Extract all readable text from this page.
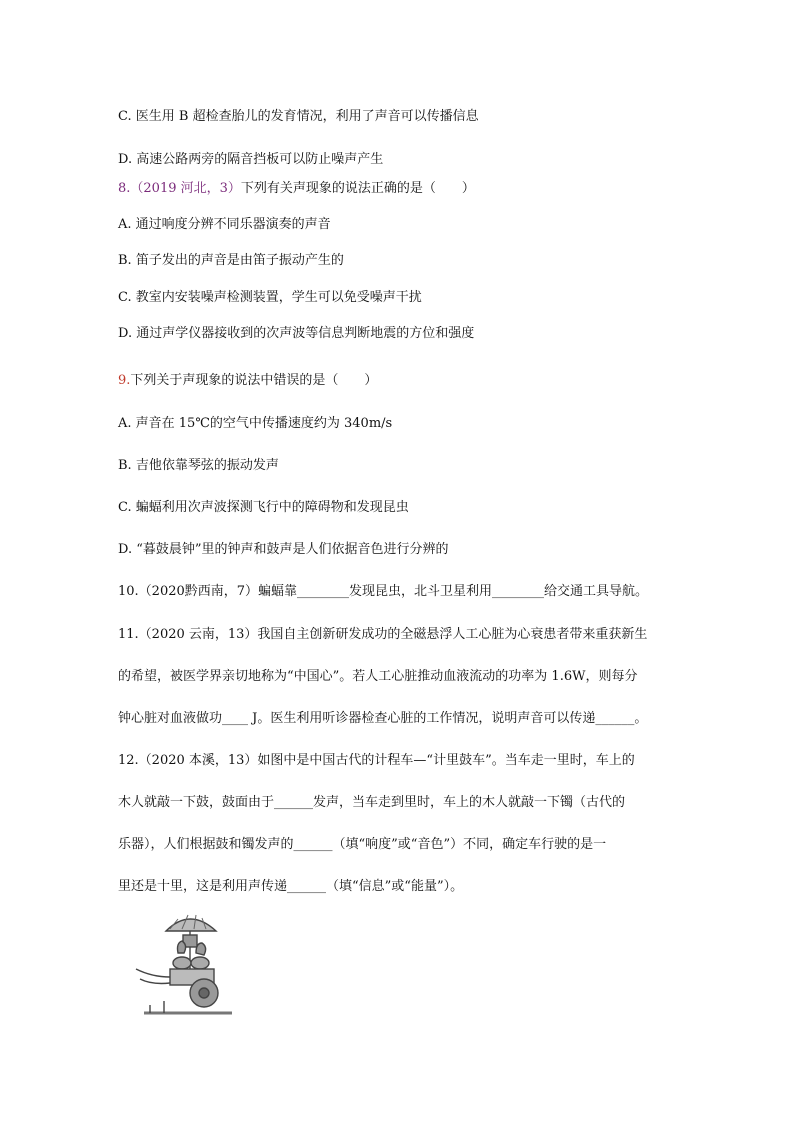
C. 医生用 B 超检查胎儿的发育情况，利用了声音可以传播信息
D. 高速公路两旁的隔音挡板可以防止噪声产生
8.（2019 河北，3）下列有关声现象的说法正确的是（　　）
A. 通过响度分辨不同乐器演奏的声音
B. 笛子发出的声音是由笛子振动产生的
C. 教室内安装噪声检测装置，学生可以免受噪声干扰
D. 通过声学仪器接收到的次声波等信息判断地震的方位和强度
9.下列关于声现象的说法中错误的是（　　）
A. 声音在 15℃的空气中传播速度约为 340m/s
B. 吉他依靠琴弦的振动发声
C. 蝙蝠利用次声波探测飞行中的障碍物和发现昆虫
D. “暮鼓晨钟”里的钟声和鼓声是人们依据音色进行分辨的
10.（2020黔西南，7）蝙蝠靠________发现昆虫，北斗卫星利用________给交通工具导航。
11.（2020 云南，13）我国自主创新研发成功的全磁悬浮人工心脏为心衰患者带来重获新生
的希望，被医学界亲切地称为“中国心”。若人工心脏推动血液流动的功率为 1.6W，则每分
钟心脏对血液做功____ J。医生利用听诊器检查心脏的工作情况，说明声音可以传递______。
12.（2020 本溪，13）如图中是中国古代的计程车—“计里鼓车”。当车走一里时，车上的
木人就敲一下鼓，鼓面由于______发声，当车走到里时，车上的木人就敲一下镯（古代的
乐器），人们根据鼓和镯发声的______（填“响度”或“音色”）不同，确定车行驶的是一
里还是十里，这是利用声传递______（填“信息”或“能量”）。
